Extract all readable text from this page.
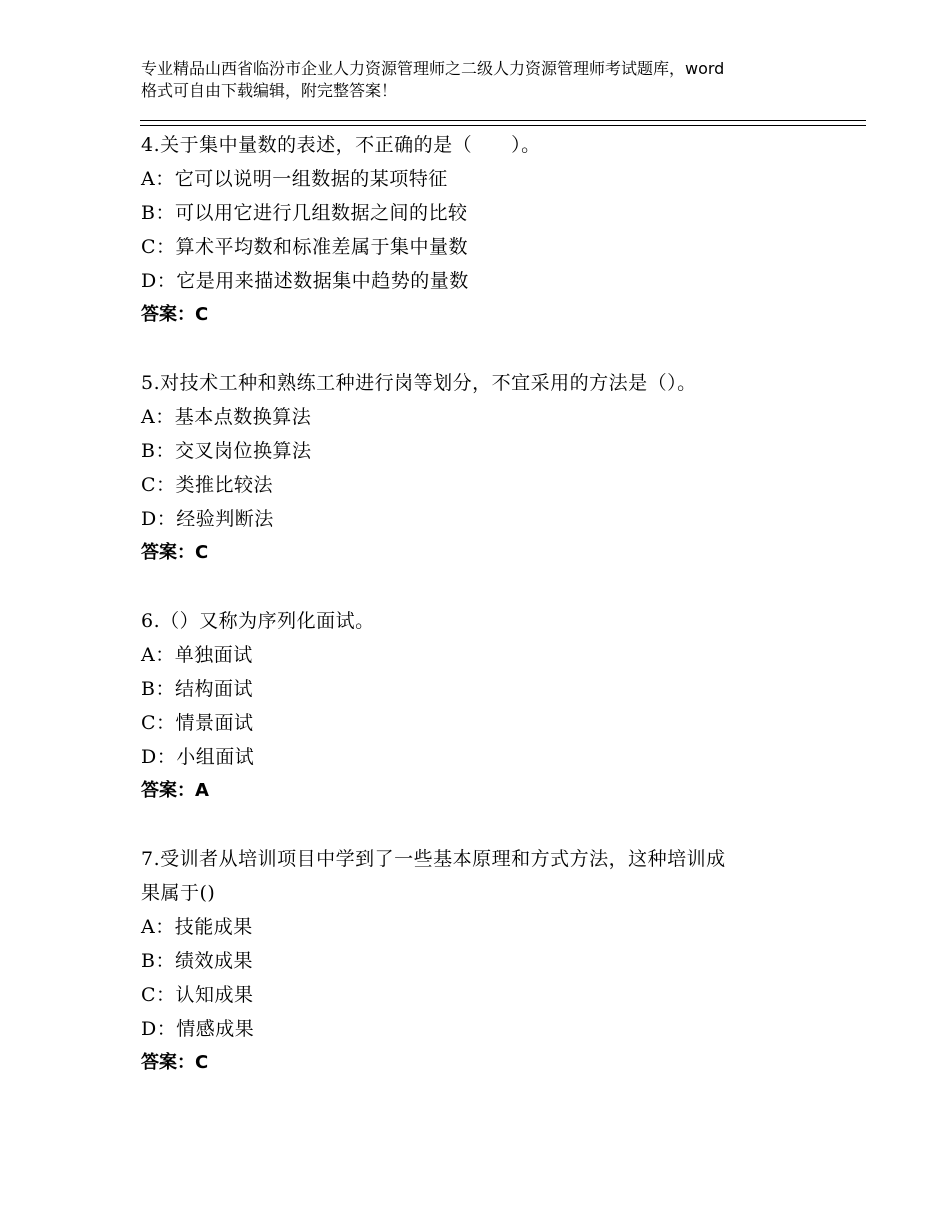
专业精品山西省临汾市企业人力资源管理师之二级人力资源管理师考试题库，word
格式可自由下载编辑，附完整答案！
4.关于集中量数的表述，不正确的是（　　）。
A：它可以说明一组数据的某项特征
B：可以用它进行几组数据之间的比较
C：算术平均数和标准差属于集中量数
D：它是用来描述数据集中趋势的量数
答案：C
5.对技术工种和熟练工种进行岗等划分，不宜采用的方法是（）。
A：基本点数换算法
B：交叉岗位换算法
C：类推比较法
D：经验判断法
答案：C
6.（）又称为序列化面试。
A：单独面试
B：结构面试
C：情景面试
D：小组面试
答案：A
7.受训者从培训项目中学到了一些基本原理和方式方法，这种培训成
果属于()
A：技能成果
B：绩效成果
C：认知成果
D：情感成果
答案：C
